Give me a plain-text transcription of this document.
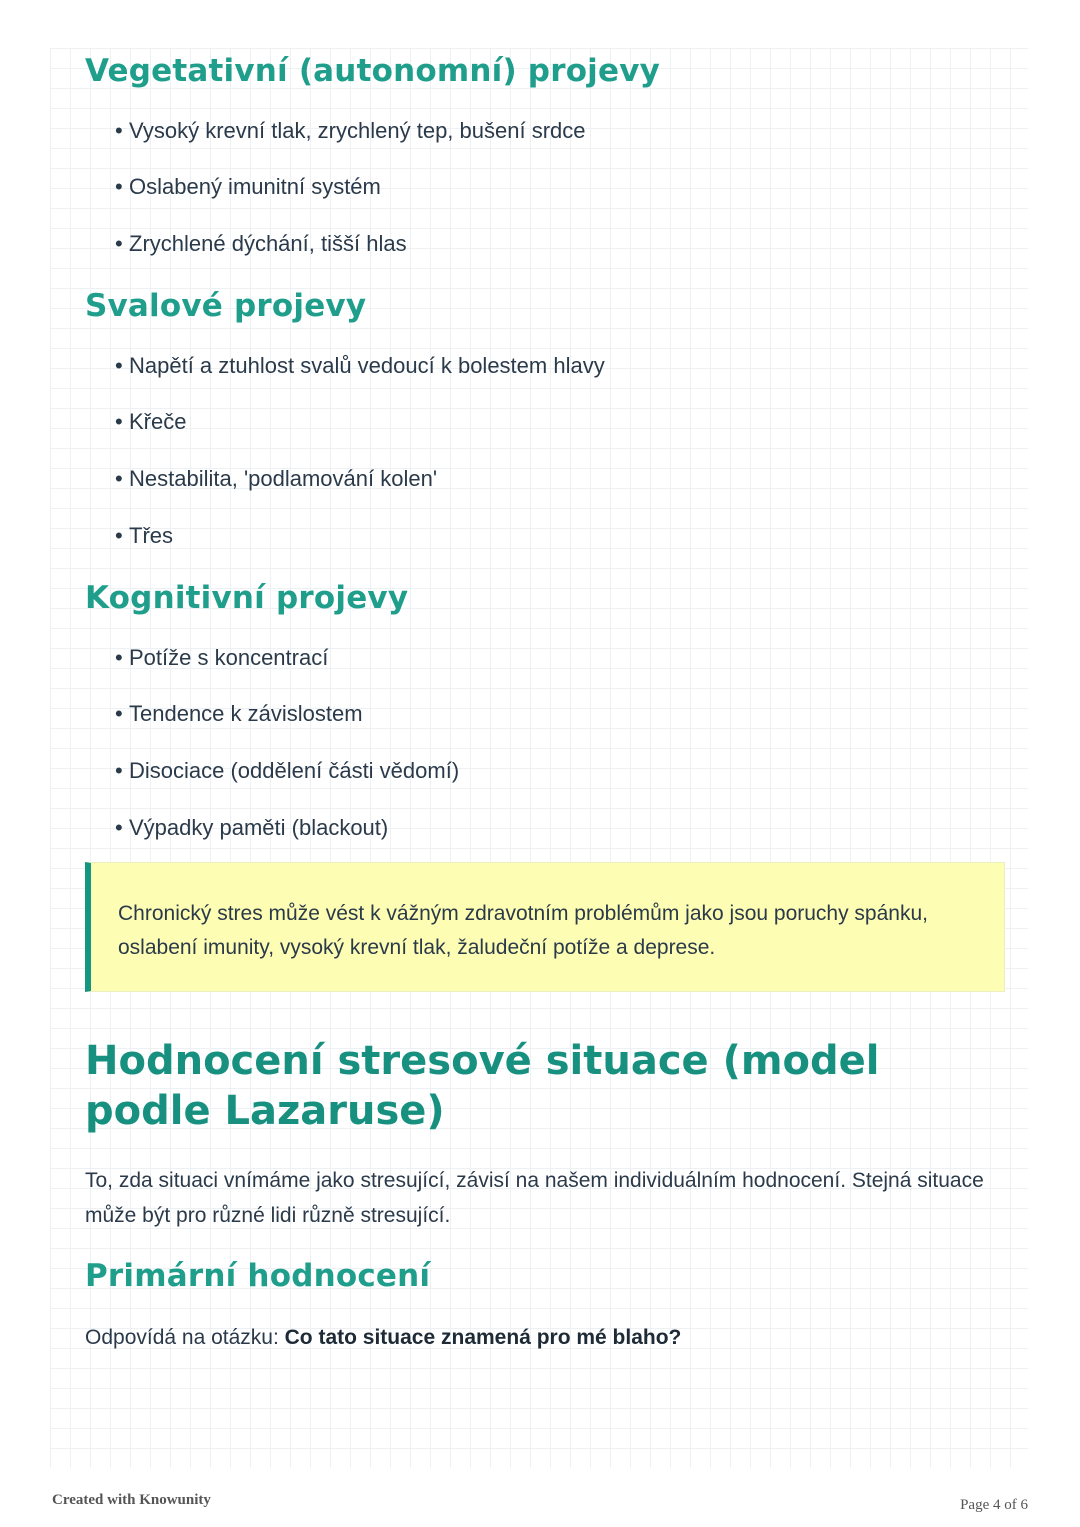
Vegetativní (autonomní) projevy
• Vysoký krevní tlak, zrychlený tep, bušení srdce
• Oslabený imunitní systém
• Zrychlené dýchání, tišší hlas
Svalové projevy
• Napětí a ztuhlost svalů vedoucí k bolestem hlavy
• Křeče
• Nestabilita, 'podlamování kolen'
• Třes
Kognitivní projevy
• Potíže s koncentrací
• Tendence k závislostem
• Disociace (oddělení části vědomí)
• Výpadky paměti (blackout)

Chronický stres může vést k vážným zdravotním problémům jako jsou poruchy spánku, oslabení imunity, vysoký krevní tlak, žaludeční potíže a deprese.

Hodnocení stresové situace (model podle Lazaruse)

To, zda situaci vnímáme jako stresující, závisí na našem individuálním hodnocení. Stejná situace může být pro různé lidi různě stresující.

Primární hodnocení

Odpovídá na otázku: Co tato situace znamená pro mé blaho?

Created with Knowunity	Page 4 of 6
